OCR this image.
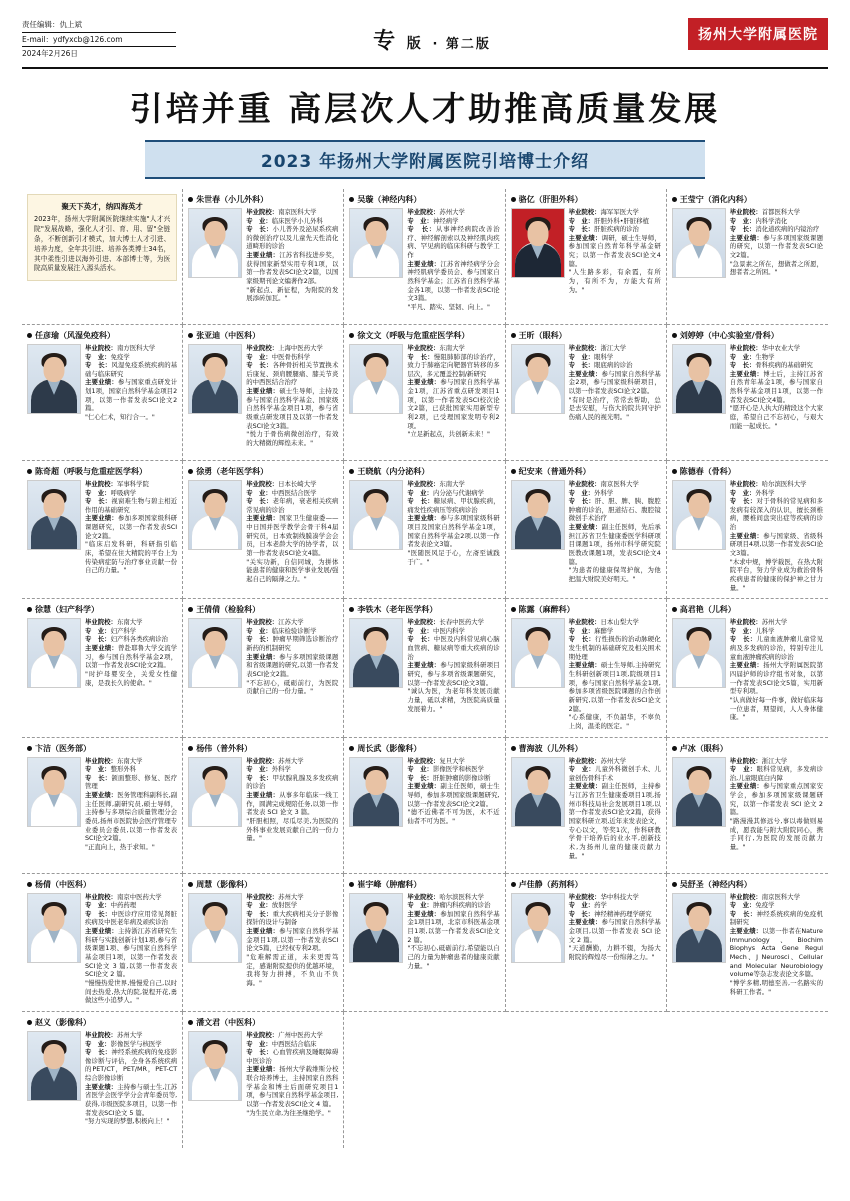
责任编辑：仇上斌
E-mail：ydfyxcb@126.com
2024年2月26日	专 版 · 第二版
扬州大学附属医院
引培并重 高层次人才助推高质量发展
2023 年扬州大学附属医院引培博士介绍
聚天下英才，纳四海英才
2023年，扬州大学附属医院继续实施"人才兴院"发展战略，强化人才引、育、用、留"全链条，不断创新引才模式，加大博士人才引进、培养力度，全年共引进、培养各类博士34名，其中柔性引进以海外引进、本部博士等，为医院高质量发展注入源头活水。
朱世春（小儿外科）
毕业院校：南京医科大学
专　业：临床医学小儿外科
专　长：小儿普外及泌尿系疾病的微创治疗以及儿童先天性消化道畸形的诊治
主要业绩：江苏省科技进步奖，获得国家新型实用专利1项，以第一作者发表SCI论文2篇，以国家级期刊论文编著作2部。
"新起点、新征程，为附院的发展添砖加瓦。"
吴璇（神经内科）
毕业院校：苏州大学
专　业：神经病学
专　长：从事神经病院改善治疗、神经解剖索以及神经肌肉疾病、罕见病的临床科研与教学工作
主要业绩：江苏省神经病学分会神经肌病学委员会、参与国家自然科学基金；江苏省自然科学基金各1项，以第一作者发表SCI论文3篇。
"平凡、踏实、坚韧、向上。"
骆亿（肝胆外科）
毕业院校：海军军医大学
专　业：肝胆外科•肝脏移植
专　长：肝脏疾病的诊治
主要业绩：调研，硕士生导师，参加国家自然青年科学基金研究；以第一作者发表SCI论文4篇。
"人生路多彩，有余霞，有所为，有所不为，方能大有所为。"
王莹宁（消化内科）
毕业院校：首都医科大学
专　业：内科学消化
专　长：消化道疾病的内镜治疗
主要业绩：参与多项国家级课题的研究，以第一作者发表SCI论文2篇。
"急景素之所在，想做者之所愿，想者者之所困。"
任彦瑜（风湿免疫科）
毕业院校：南方医科大学
专　业：免疫学
专　长：风湿免疫系统疾病的基础与临床研究
主要业绩：参与国家重点研发计划1项，国家自然科学基金项目2项，以第一作者发表SCI论文2篇。
"仁心仁术，知行合一。"
张亚迪（中医科）
毕业院校：上海中医药大学
专　业：中医骨伤科学
专　长：各种骨折相关节置换术后康复、颈肩腰腿痛、膝关节炎的中西医结合治疗
主要业绩：硕士生导师，主持及参与国家自然科学基金、国家级自然科学基金项目1项，参与省级重点研发项目及以第一作者发表SCI论文3篇。
"悦力于骨伤病微创治疗，有效的大精微的辉煌未来。"
徐文文（呼吸与危重症医学科）
毕业院校：东南大学
专　长：慢阻肺肺部的诊治疗，致力于肺癌定向靶器官转移的多层次，多元覆盖控制/新研究
主要业绩：参与国家自然科学基金1项，江苏省重点研发项目1项，以第一作者发表SCI校次论文2篇，已获批国家实用新型专利2项，已受理国家发明专利2项。
"立足新起点，共创新未来！"
王昕（眼科）
毕业院校：浙江大学
专　业：眼科学
专　长：眼底病的诊治
主要业绩：参与国家自然科学基金2项，参与国家级科研项目，以第一作者发表SCI论文2篇。
"有时是治疗，常常去帮助，总是去安慰，与伤大的院共同守护伤痛人民的视光明。"
刘婷婷（中心实验室/骨科）
毕业院校：华中农业大学
专　业：生物学
专　长：骨科疾病的基础研究
主要业绩：博士后，主持江苏省自然青年基金1项，参与国家自然科学基金项目1项，以第一作者发表SCI论文4篇。
"愿开心是人执大的精段这个大家庭，希望自己不忘初心，与艰大而能一起成长。"
陈奇超（呼吸与危重症医学科）
毕业院校：军事科学院
专　业：呼吸病学
专　长：视窗难生物与碧主相近作用的基础研究
主要业绩：参加多项国家级科研课题研究，以第一作者发表SCI论文2篇。
"临床启发科研，科研指引临床，希望在住大精院的平台上为传染病症防与治疗事业贡献一份自己的力量。"
徐勇（老年医学科）
毕业院校：日本长崎大学
专　业：中西医结合医学
专　长：老年病，衰老相关疾病常见病的诊治
主要业绩：国家卫生健康委——中日国并医学教学会骨干科4届研究员，日本致制线膜凑学会会员，日本老龄大学的协学者，以第一作者发表SCI论文4篇。
"关实功新，自信同城，为拼体能患者的健康和医学事业发展/强起自己的隔薄之力。"
王晓航（内分泌科）
毕业院校：东南大学
专　业：内分泌与代谢病学
专　长：糖尿病、甲状腺疾病，痛发性疾病压等疾病诊治
主要业绩：参与多项国家级科研项目及国家自然科学基金1项，国家自然科学基金2项,以第一作者发表论文3篇。
"医随医风足于心，左斋至诚践于广。"
纪安来（普通外科）
毕业院校：南京医科大学
专　业：外科学
专　长：肝、胆、脾、胰、腹腔肿瘤的诊治，胆道结石、腹腔镜微创手术治疗
主要业绩：副主任医师，先后承担江苏省卫生健康委医学科研项目课题1项，扬州市科学研究院医教改课题1项，发表SCI论文4篇。
"为患者的健康保驾护航，为他把温大财院美好明天。"
陈德春（骨科）
毕业院校：哈尔滨医科大学
专　业：外科学
专　长：对于骨科的常见病和多发病有较深入的认识，擅长颈椎病，腰椎间盘突出症等疾病的诊治
主要业绩：参与国家级、省级科研项目4项,以第一作者发表SCI论文3篇。
"木求中规，博学载医，在热大附院平台，努力学业成为救治骨科疾病患者的健康的保护神之甘力量。"
徐慧（妇产科学）
毕业院校：东南大学
专　业：妇产科学
专　长：妇产科各类疾病诊治
主要业绩：曾赴耶鲁大学交流学习，参与国自然科学基金2项，以第一作者发表SCI论文2篇。
"时护母婴安全，关爱女性健康，是我长久的使命。"
王倩倩（检验科）
毕业院校：江苏大学
专　业：临床检验诊断学
专　长：肿瘤早期筛选诊断治疗新药的机制研究
主要业绩：参与多项国家级课题和省级课题的研究,以第一作者发表SCI论文2篇。
"不忘初心，砥砺前行，为医院贡献自己的一份力量。"
李铁木（老年医学科）
毕业院校：长春中医药大学
专　业：中医内科学
专　长：中医及内科常见病心脑血管病、糖尿病等重大疾病的诊治
主要业绩：参与国家级科研项目研究，参与多项省级课题研究，以第一作者发表SCI论文3篇。
"诚认为医，为老年科发展贡献力量，砥以求精，为医院高质量发展着力。"
陈露（麻醉科）
毕业院校：日本山梨大学
专　业：麻醉学
专　长：行性损伤的治动脉硬化发生机制的基础研究及相关围术期处理
主要业绩：硕士生导师,主持研究生科研创新项目1项,院级项目1项，参与国家自然科学基金1项,参加多项省级医院课题的合作创新研究,以第一作者发表SCI论文2篇。
"心系健康，不负韶华，不辜负上岗，温柔的医定。"
高君艳（儿科）
毕业院校：苏州大学
专　业：儿科学
专　长：儿童血液肿瘤儿童常见病及多发病的诊治，特别专注儿童血液肿瘤疾病的诊治
主要业绩：扬州大学附属医院第四届护师的诊疗组书对象，以第一作者发表SCI论文5篇，实用新型专利项。
"认真做好每一件事，做好临床每一位患者，期望间，人人身体健康。"
卞洁（医务部）
毕业院校：东南大学
专　业：整形外科
专　长：颌面整形、修复、医疗管理
主要业绩：医务管理科副科长,副主任医师,副研究员,硕士导师，主持参与多项综合质量管理分会委员,扬州市医院协会医疗管理专业委员会委员,以第一作者发表SCI论文2篇。
"正直向上，热于求知。"
杨伟（普外科）
毕业院校：苏州大学
专　业：外科学
专　长：甲状腺乳腺及多发疾病的诊治
主要业绩：从事多年临床一线工作，圆满完成规陪任务,以第一作者发表 SCI 论文 3 篇。
"肝胆相照，尽瓜尽美,为医院的外科事业发展贡献自己的一份力量。"
周长武（影像科）
毕业院校：复旦大学
专　业：影像医学和核医学
专　长：肝脏肿瘤的影像诊断
主要业绩：副主任医师，硕士生导师，参加多项国家级课题研究,以第一作者发表SCI论文2篇。
"德不近佛者不可为医，术不近仙者不可为医。"
曹海波（儿外科）
毕业院校：苏州大学
专　业：儿童外科微创手术、儿童创伤骨科手术
主要业绩：副主任医师，主持参与江苏省卫生健康委项目1项,扬州市科技局社会发展项目1项,以第一作者发表SCI论文2篇，获得国家科研立项,近年来发表论文，专心以文，等奖1次，作科研教学骨干培养后的业水平,创新技术,为扬州儿童的健康贡献力量。"
卢冰（眼科）
毕业院校：浙江大学
专　业：眼科常见病，多发病诊治,儿童眼底白内障
主要业绩：参与国家重点国家安学会，参加多项国家级课题研究，以第一作者发表 SCI 论文 2 篇。
"路漫漫其修远兮,事以毒做则易成，愿我能与附大附院同心，携手同行,为医院的发展贡献力量。"
杨倩（中医科）
毕业院校：南京中医药大学
专　业：中药药理
专　长：中医诊疗应用常见肾脏疾病及中医老年病及顽疾诊治
主要业绩：主持浙江苏省研究生科研与实践创新计划1项,参与省级课题1项、参与国家自然科学基金项目1项，以第一作者发表SCI论文 3 篇,以第一作者发表SCI论文 2 篇。
"慢慢热爱世界,慢慢爱自己,以时间去热爱,热大的院,锐程开花,勇做这些小追梦人。"
周慧（影像科）
毕业院校：苏州大学
专　业：放射医学
专　长：重大疾病相关分子影像探针的设计与制备
主要业绩：参与国家自然科学基金项目1项,以第一作者发表SCI论文5篇，已经权专利2项。
"危难解需正道，未来更需笃定，感谢附院提供的优越环境，我将努力拼搏，不负山不负海。"
崔宇峰（肿瘤科）
毕业院校：哈尔滨医科大学
专　业：肿瘤内科疾病的诊治
主要业绩：参加国家自然科学基金1项目1项，北京市科医基金项目1项,以第一作者发表SCI论文 2 篇。
"不忘初心,砥砺前行,希望能以自己的力量为肿瘤患者的健康贡献力量。"
卢佳静（药剂科）
毕业院校：华中科技大学
专　业：药学
专　长：神经精神药理学研究
主要业绩：参与国家自然科学基金项目,以第一作者发表 SCI 论文 2 篇。
"天道酬勤，力耕不辍，为扬大附院的辉煌尽一份绵薄之力。"
吴舒圣（神经内科）
毕业院校：南京医科大学
专　业：免疫学
专　长：神经系统疾病的免疫机制研究
主要业绩：以第一作者在Nature Immunology、Biochim Biophys Acta Gene Regul Mech、J Neurosci、Cellular and Molecular Neurobiology volume等杂志发表论文多篇。
"博学多精,明德至善,一名路实的科研工作者。"
赵义（影像科）
毕业院校：苏州大学
专　业：影像医学与核医学
专　长：神经系统疾病的免疫影像诊断与评估，全身各系统疾病的PET/CT，PET/MR，PET-CT综合影像诊断
主要业绩：主持参与硕士生,江苏省医学会医学学分会青年委员等,获得,市级医院多项目，以第一作者发表SCI论文 5 篇。
"努力实现的梦想,积极向上！"
潘文君（中医科）
毕业院校：广州中医药大学
专　业：中西医结合临床
专　长：心血管疾病及睡眠障碍中医诊治
主要业绩：扬州大学载维斯分校联合培养博士，主持国家自然科学基金和博士后面研究项目1项，参与国家自然科学基金项目,以第一作者发表SCI论文 4 篇。
"为生民立命,为往圣继绝学。"
